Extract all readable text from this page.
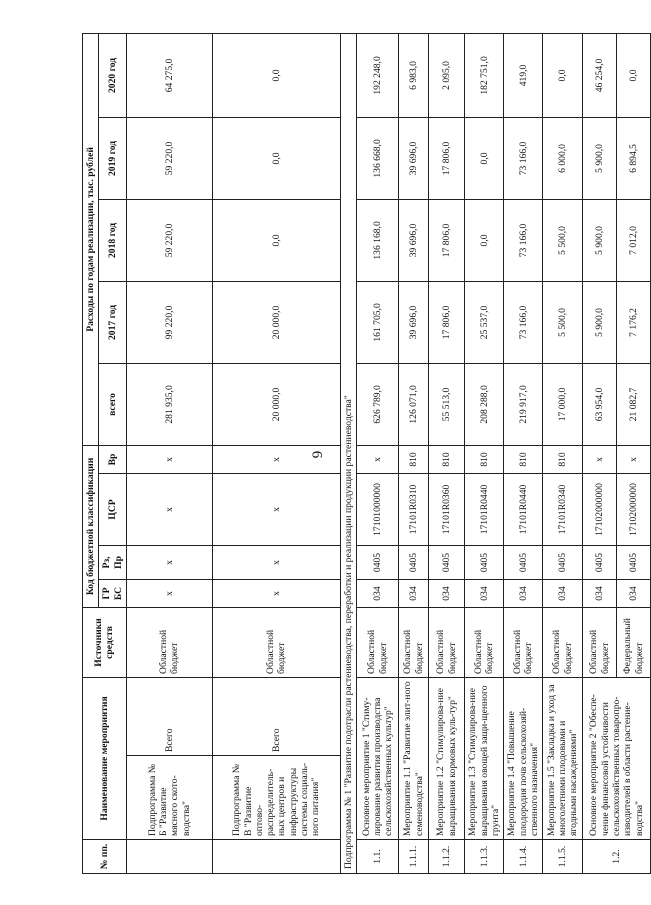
6
№ пп.	Наименование мероприятия		Источники средств	Код бюджетной классификации				Расходы по годам реализации, тыс. рублей				
				ГР БС	Рз, Пр	ЦСР	Вр	всего	2017 год	2018 год	2019 год	2020 год
	Подпрограмма № Б "Развитие мясного ското-водства"	Всего	Областной бюджет	x	x	x	x	281 935,0	99 220,0	59 220,0	59 220,0	64 275,0
	Подпрограмма № В "Развитие оптово-распределитель-ных центров и инфраструктуры системы социаль-ного питания"	Всего	Областной бюджет	x	x	x	x	20 000,0	20 000,0	0,0	0,0	0,0
Подпрограмма № 1 "Развитие подотрасли растениеводства, переработки и реализации продукции растениеводства"												
1.1.	Основное мероприятие 1 "Стиму-лирование развития производства сельскохозяйственных культур"		Областной бюджет	034	0405	17101000000	x	626 789,0	161 705,0	136 168,0	136 668,0	192 248,0
1.1.1.	Мероприятие 1.1 "Развитие элит-ного семеноводства"		Областной бюджет	034	0405	17101R0310	810	126 071,0	39 696,0	39 696,0	39 696,0	6 983,0
1.1.2.	Мероприятие 1.2 "Стимулирова-ние выращивания кормовых куль-тур"		Областной бюджет	034	0405	17101R0360	810	55 513,0	17 806,0	17 806,0	17 806,0	2 095,0
1.1.3.	Мероприятие 1.3 "Стимулирова-ние выращивания овощей защи-щенного грунта"		Областной бюджет	034	0405	17101R0440	810	208 288,0	25 537,0	0,0	0,0	182 751,0
1.1.4.	Мероприятие 1.4 "Повышение плодородия почв сельскохозяй-ственного назначения"		Областной бюджет	034	0405	17101R0440	810	219 917,0	73 166,0	73 166,0	73 166,0	419,0
1.1.5.	Мероприятие 1.5 "Закладка и уход за многолетними плодовыми и ягодными насаждениями"		Областной бюджет	034	0405	17101R0340	810	17 000,0	5 500,0	5 500,0	6 000,0	0,0
1.2.	Основное мероприятие 2 "Обеспе-чение финансовой устойчивости сельскохозяйственных товаропро-изводителей в области растение-водства"		Областной бюджет	034	0405	17102000000	x	63 954,0	5 900,0	5 900,0	5 900,0	46 254,0
			Федеральный бюджет	034	0405	17102000000	x	21 082,7	7 176,2	7 012,0	6 894,5	0,0
